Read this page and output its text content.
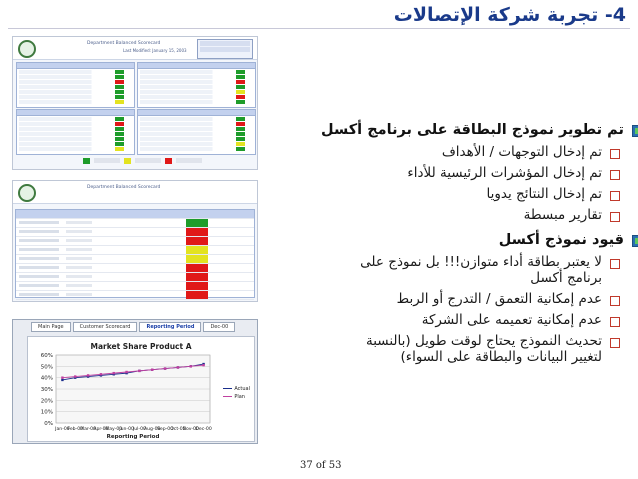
4- تجربة شركة الإتصالات
Department Balanced Scorecard
Last Modified: January 15, 2003
Department Balanced Scorecard
Main Page	Customer Scorecard	Reporting Period	Dec-00
Market Share Product A
0%
10%
20%
30%
40%
50%
60%
Jan-00
Feb-00
Mar-00
Apr-00
May-00
Jun-00
Jul-00
Aug-00
Sep-00
Oct-00
Nov-00
Dec-00
Reporting Period
Actual
Plan
تم تطوير نموذج البطاقة على برنامج أكسل
تم إدخال التوجهات / الأهداف
تم إدخال المؤشرات الرئيسية للأداء
تم إدخال النتائج يدويا
تقارير مبسطة
قيود نموذج أكسل
لا يعتبر بطاقة أداء متوازن!!! بل نموذج على برنامج أكسل
عدم إمكانية التعمق / التدرج أو الربط
عدم إمكانية تعميمه على الشركة
تحديث النموذج يحتاج لوقت طويل (بالنسبة لتغيير البيانات والبطاقة على السواء)
37 of 53
